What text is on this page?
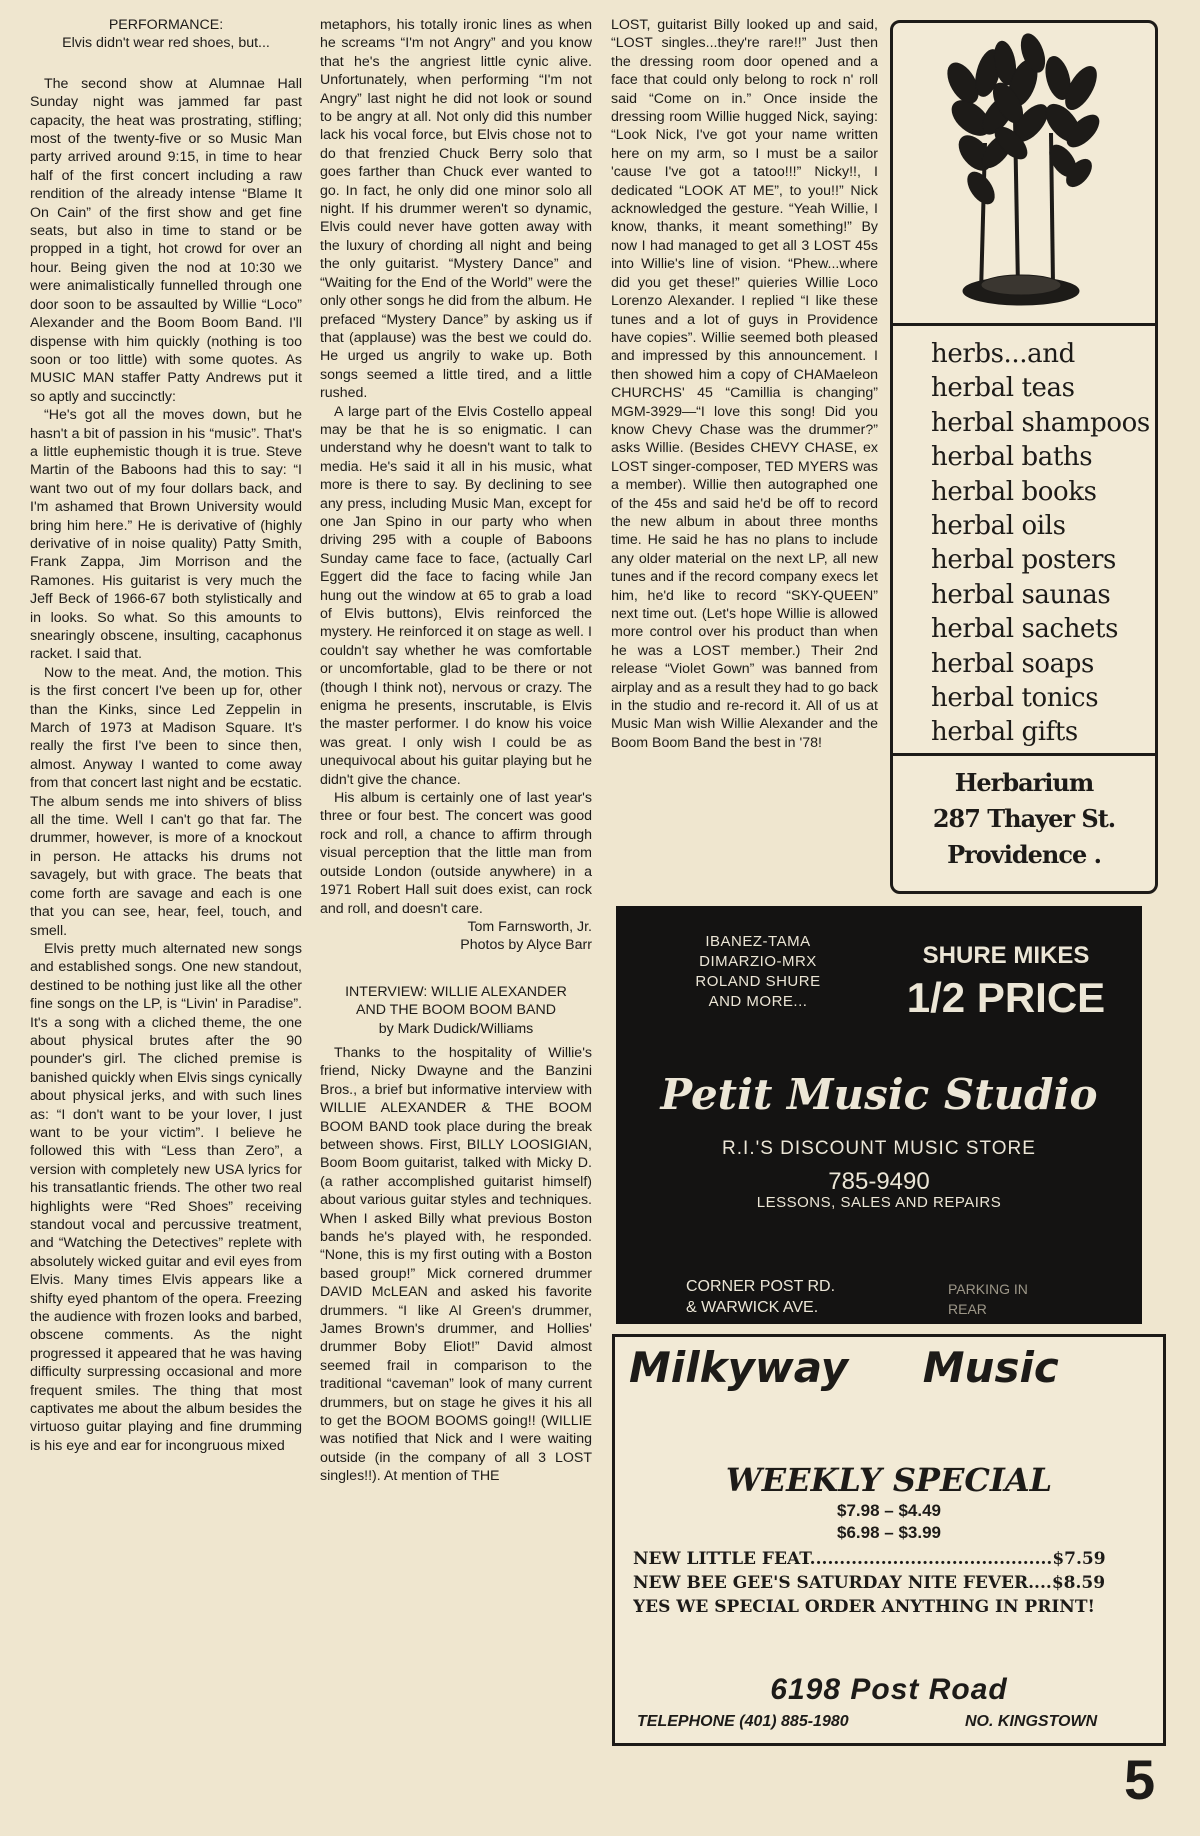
PERFORMANCE:
Elvis didn't wear red shoes, but...

The second show at Alumnae Hall Sunday night was jammed far past capacity, the heat was prostrating, stifling; most of the twenty-five or so Music Man party arrived around 9:15, in time to hear half of the first concert including a raw rendition of the already intense “Blame It On Cain” of the first show and get fine seats, but also in time to stand or be propped in a tight, hot crowd for over an hour. Being given the nod at 10:30 we were animalistically funnelled through one door soon to be assaulted by Willie “Loco” Alexander and the Boom Boom Band. I'll dispense with him quickly (nothing is too soon or too little) with some quotes. As MUSIC MAN staffer Patty Andrews put it so aptly and succinctly:

“He's got all the moves down, but he hasn't a bit of passion in his “music”. That's a little euphemistic though it is true. Steve Martin of the Baboons had this to say: “I want two out of my four dollars back, and I'm ashamed that Brown University would bring him here.” He is derivative of (highly derivative of in noise quality) Patty Smith, Frank Zappa, Jim Morrison and the Ramones. His guitarist is very much the Jeff Beck of 1966-67 both stylistically and in looks. So what. So this amounts to snearingly obscene, insulting, cacaphonus racket. I said that.

Now to the meat. And, the motion. This is the first concert I've been up for, other than the Kinks, since Led Zeppelin in March of 1973 at Madison Square. It's really the first I've been to since then, almost. Anyway I wanted to come away from that concert last night and be ecstatic. The album sends me into shivers of bliss all the time. Well I can't go that far. The drummer, however, is more of a knockout in person. He attacks his drums not savagely, but with grace. The beats that come forth are savage and each is one that you can see, hear, feel, touch, and smell.

Elvis pretty much alternated new songs and established songs. One new standout, destined to be nothing just like all the other fine songs on the LP, is “Livin' in Paradise”. It's a song with a cliched theme, the one about physical brutes after the 90 pounder's girl. The cliched premise is banished quickly when Elvis sings cynically about physical jerks, and with such lines as: “I don't want to be your lover, I just want to be your victim”. I believe he followed this with “Less than Zero”, a version with completely new USA lyrics for his transatlantic friends. The other two real highlights were “Red Shoes” receiving standout vocal and percussive treatment, and “Watching the Detectives” replete with absolutely wicked guitar and evil eyes from Elvis. Many times Elvis appears like a shifty eyed phantom of the opera. Freezing the audience with frozen looks and barbed, obscene comments. As the night progressed it appeared that he was having difficulty surpressing occasional and more frequent smiles. The thing that most captivates me about the album besides the virtuoso guitar playing and fine drumming is his eye and ear for incongruous mixed

metaphors, his totally ironic lines as when he screams “I'm not Angry” and you know that he's the angriest little cynic alive. Unfortunately, when performing “I'm not Angry” last night he did not look or sound to be angry at all. Not only did this number lack his vocal force, but Elvis chose not to do that frenzied Chuck Berry solo that goes farther than Chuck ever wanted to go. In fact, he only did one minor solo all night. If his drummer weren't so dynamic, Elvis could never have gotten away with the luxury of chording all night and being the only guitarist. “Mystery Dance” and “Waiting for the End of the World” were the only other songs he did from the album. He prefaced “Mystery Dance” by asking us if that (applause) was the best we could do. He urged us angrily to wake up. Both songs seemed a little tired, and a little rushed.

A large part of the Elvis Costello appeal may be that he is so enigmatic. I can understand why he doesn't want to talk to media. He's said it all in his music, what more is there to say. By declining to see any press, including Music Man, except for one Jan Spino in our party who when driving 295 with a couple of Baboons Sunday came face to face, (actually Carl Eggert did the face to facing while Jan hung out the window at 65 to grab a load of Elvis buttons), Elvis reinforced the mystery. He reinforced it on stage as well. I couldn't say whether he was comfortable or uncomfortable, glad to be there or not (though I think not), nervous or crazy. The enigma he presents, inscrutable, is Elvis the master performer. I do know his voice was great. I only wish I could be as unequivocal about his guitar playing but he didn't give the chance.

His album is certainly one of last year's three or four best. The concert was good rock and roll, a chance to affirm through visual perception that the little man from outside London (outside anywhere) in a 1971 Robert Hall suit does exist, can rock and roll, and doesn't care.

Tom Farnsworth, Jr.
Photos by Alyce Barr
INTERVIEW: WILLIE ALEXANDER
AND THE BOOM BOOM BAND
by Mark Dudick/Williams

Thanks to the hospitality of Willie's friend, Nicky Dwayne and the Banzini Bros., a brief but informative interview with WILLIE ALEXANDER & THE BOOM BOOM BAND took place during the break between shows. First, BILLY LOOSIGIAN, Boom Boom guitarist, talked with Micky D. (a rather accomplished guitarist himself) about various guitar styles and techniques. When I asked Billy what previous Boston bands he's played with, he responded. “None, this is my first outing with a Boston based group!” Mick cornered drummer DAVID McLEAN and asked his favorite drummers. “I like Al Green's drummer, James Brown's drummer, and Hollies' drummer Boby Eliot!” David almost seemed frail in comparison to the traditional “caveman” look of many current drummers, but on stage he gives it his all to get the BOOM BOOMS going!! (WILLIE was notified that Nick and I were waiting outside (in the company of all 3 LOST singles!!). At mention of THE

LOST, guitarist Billy looked up and said, “LOST singles...they're rare!!” Just then the dressing room door opened and a face that could only belong to rock n' roll said “Come on in.” Once inside the dressing room Willie hugged Nick, saying: “Look Nick, I've got your name written here on my arm, so I must be a sailor 'cause I've got a tatoo!!!” Nicky!!, I dedicated “LOOK AT ME”, to you!!” Nick acknowledged the gesture. “Yeah Willie, I know, thanks, it meant something!” By now I had managed to get all 3 LOST 45s into Willie's line of vision. “Phew...where did you get these!” quieries Willie Loco Lorenzo Alexander. I replied “I like these tunes and a lot of guys in Providence have copies”. Willie seemed both pleased and impressed by this announcement. I then showed him a copy of CHAMaeleon CHURCHS' 45 “Camillia is changing” MGM-3929—“I love this song! Did you know Chevy Chase was the drummer?” asks Willie. (Besides CHEVY CHASE, ex LOST singer-composer, TED MYERS was a member). Willie then autographed one of the 45s and said he'd be off to record the new album in about three months time. He said he has no plans to include any older material on the next LP, all new tunes and if the record company execs let him, he'd like to record “SKY-QUEEN” next time out. (Let's hope Willie is allowed more control over his product than when he was a LOST member.) Their 2nd release “Violet Gown” was banned from airplay and as a result they had to go back in the studio and re-record it. All of us at Music Man wish Willie Alexander and the Boom Boom Band the best in '78!

herbs...and
herbal teas
herbal shampoos
herbal baths
herbal books
herbal oils
herbal posters
herbal saunas
herbal sachets
herbal soaps
herbal tonics
herbal gifts
Herbarium
287 Thayer St.
Providence .
IBANEZ-TAMA
DIMARZIO-MRX
ROLAND SHURE
AND MORE...
SHURE MIKES
1/2 PRICE
Petit Music Studio
R.I.'S DISCOUNT MUSIC STORE
785-9490
LESSONS, SALES AND REPAIRS
CORNER POST RD.
& WARWICK AVE.
PARKING IN
REAR
Milkyway Music
WEEKLY SPECIAL
$7.98 – $4.49
$6.98 – $3.99
NEW LITTLE FEAT.........................................$7.59
NEW BEE GEE'S SATURDAY NITE FEVER....$8.59
YES WE SPECIAL ORDER ANYTHING IN PRINT!
6198 Post Road
TELEPHONE (401) 885-1980	NO. KINGSTOWN
5
